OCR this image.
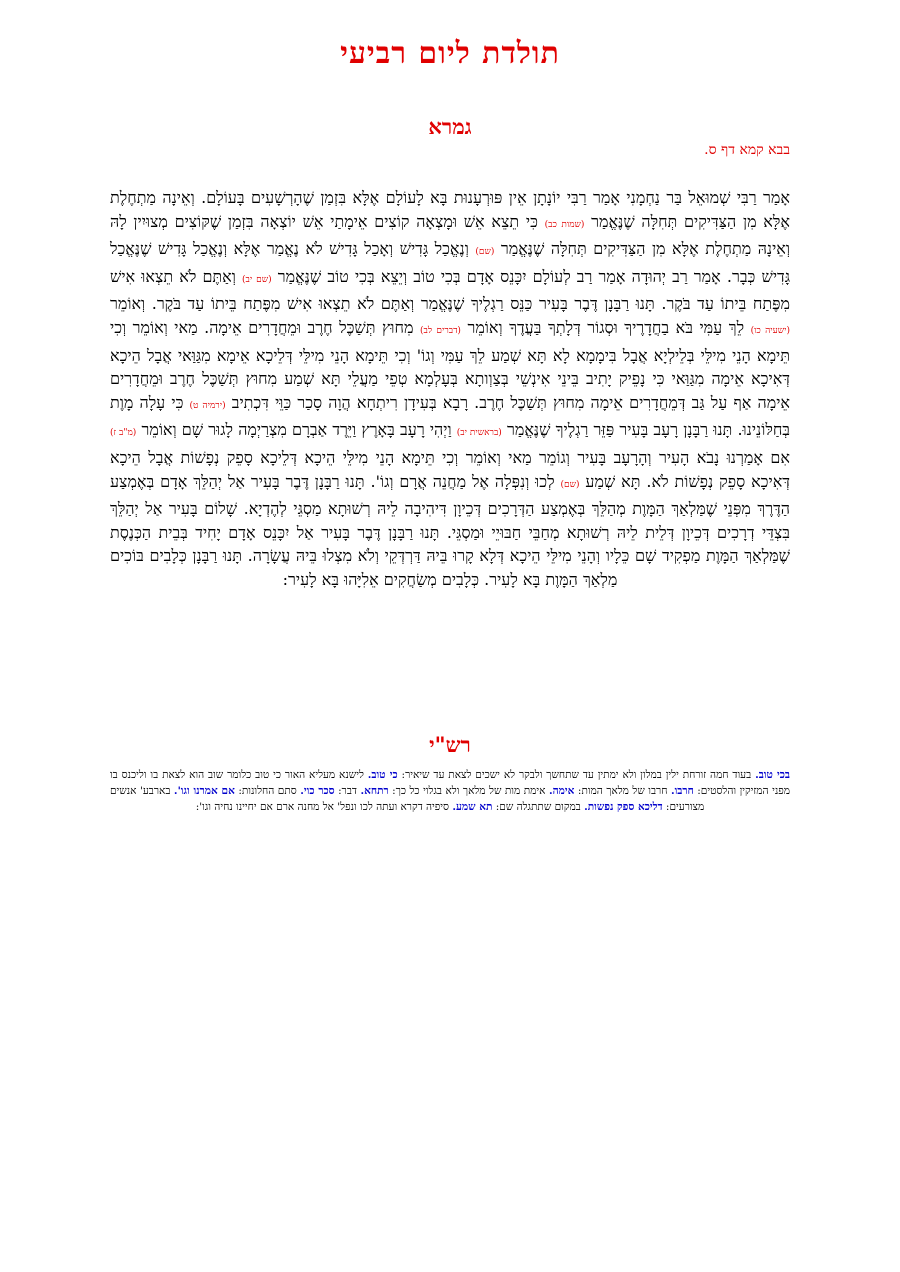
תולדת ליום רביעי
גמרא
בבא קמא דף ס.
אָמַר רַבִּי שְׁמוּאֵל בַּר נַחְמָנִי אָמַר רַבִּי יוֹנָתָן אֵין פּוּרְעָנוּת בָּא לָעוֹלָם אֶלָּא בִּזְמַן שֶׁהָרְשָׁעִים בָּעוֹלָם. וְאֵינָה מַתְחֶלֶת אֶלָּא מִן הַצַּדִּיקִים תְּחִלָּה שֶׁנֶּאֱמַר (שמות כב) כִּי תֵצֵא אֵשׁ וּמָצְאָה קוֹצִים אֵימָתַי אֵשׁ יוֹצְאָה בִּזְמַן שֶׁקּוֹצִים מְצוּיִין לָהּ וְאֵינָהּ מַתְחֶלֶת אֶלָּא מִן הַצַּדִּיקִים תְּחִלָּה שֶׁנֶּאֱמַר (שם) וְנֶאֱכַל גָּדִישׁ וְאָכַל גָּדִישׁ לֹא נֶאֱמַר אֶלָּא וְנֶאֱכַל גָּדִישׁ שֶׁנֶּאֱכַל גָּדִישׁ כְּבָר. אָמַר רַב יְהוּדָה אָמַר רַב לְעוֹלָם יִכָּנֵס אָדָם בְּכִי טוֹב וְיֵצֵא בְּכִי טוֹב שֶׁנֶּאֱמַר (שם יב) וְאַתֶּם לֹא תֵצְאוּ אִישׁ מִפֶּתַח בֵּיתוֹ עַד בֹּקֶר. תָּנוּ רַבָּנָן דֶּבֶר בָּעִיר כַּנֵּס רַגְלֶיךָ שֶׁנֶּאֱמַר וְאַתֶּם לֹא תֵצְאוּ אִישׁ מִפֶּתַח בֵּיתוֹ עַד בֹּקֶר. וְאוֹמֵר (ישעיה כו) לֵךְ עַמִּי בֹּא בַחֲדָרֶיךָ וּסְגוֹר דְּלָתְךָ בַּעֲדֶךָ וְאוֹמֵר (דברים לב) מִחוּץ תְּשַׁכֶּל חֶרֶב וּמֵחֲדָרִים אֵימָה. מַאי וְאוֹמֵר וְכִי תֵּימָא הָנֵי מִילֵּי בְּלֵילְיָא אֲבָל בִּימָמָא לָא תָּא שְׁמַע לֵךְ עַמִּי וְגוֹ' וְכִי תֵּימָא הָנֵי מִילֵּי דְּלֵיכָא אֵימָא מִגַּוַּאי אֲבָל הֵיכָא דְּאִיכָא אֵימָה מִגַּוַּאי כִּי נָפֵיק יָתִיב בֵּינֵי אִינְשֵׁי בְּצַוְותָא בְּעָלְמָא טְפֵי מַעֲלֵי תָּא שְׁמַע מִחוּץ תְּשַׁכֶּל חֶרֶב וּמֵחֲדָרִים אֵימָה אַף עַל גַּב דְּמֵחֲדָרִים אֵימָה מִחוּץ תְּשַׁכֶּל חֶרֶב. רָבָא בְּעִידָן רִיתְחָא הֲוָה סָכַר כַּוֵּי דִּכְתִיב (ירמיה ט) כִּי עָלָה מָוֶת בְּחַלּוֹנֵינוּ. תָּנוּ רַבָּנָן רָעָב בָּעִיר פַּזֵּר רַגְלֶיךָ שֶׁנֶּאֱמַר (בראשית יב) וַיְהִי רָעָב בָּאָרֶץ וַיֵּרֶד אַבְרָם מִצְרַיְמָה לָגוּר שָׁם וְאוֹמֵר (מ"ב ז) אִם אָמַרְנוּ נָבֹא הָעִיר וְהָרָעָב בָּעִיר וְגוֹמֵר מַאי וְאוֹמֵר וְכִי תֵּימָא הָנֵי מִילֵּי הֵיכָא דְּלֵיכָא סָפֵק נְפָשׁוֹת אֲבָל הֵיכָא דְּאִיכָא סָפֵק נְפָשׁוֹת לֹא. תָּא שְׁמַע (שם) לְכוּ וְנִפְּלָה אֶל מַחֲנֵה אֲרָם וְגוֹ'. תָּנוּ רַבָּנָן דֶּבֶר בָּעִיר אַל יְהַלֵּךְ אָדָם בְּאֶמְצַע הַדֶּרֶךְ מִפְּנֵי שֶׁמַּלְאַךְ הַמָּוֶת מְהַלֵּךְ בְּאֶמְצַע הַדְּרָכִים דְּכֵיוָן דִּיהִיבָה לֵיהּ רְשׁוּתָא מַסְגֵּי לְהֶדְיָא. שָׁלוֹם בָּעִיר אַל יְהַלֵּךְ בִּצְדֵּי דְרָכִים דְּכֵיוָן דְּלֵית לֵיהּ רְשׁוּתָא מְחַבֵּי חַבּוּיֵי וּמַסְגֵּי. תָּנוּ רַבָּנָן דֶּבֶר בָּעִיר אַל יִכָּנֵס אָדָם יָחִיד בְּבֵית הַכְּנֶסֶת שֶׁמַּלְאַךְ הַמָּוֶת מַפְקִיד שָׁם כֵּלָיו וְהָנֵי מִילֵּי הֵיכָא דְּלָא קָרוּ בֵּיהּ דַּרְדְּקֵי וְלֹא מִצְלוּ בֵּיהּ עֲשָׂרָה. תָּנוּ רַבָּנָן כְּלָבִים בּוֹכִים מַלְאַךְ הַמָּוֶת בָּא לָעִיר. כְּלָבִים מְשַׂחֲקִים אֵלִיָּהוּ בָּא לָעִיר:
רש"י
בכי טוב. בעוד חמה זורחת ילין במלון ולא ימתין עד שתחשך ולבקר לא ישכים לצאת עד שיאיר: כי טוב. לישנא מעליא האור כי טוב כלומר שוב הוא לצאת בו וליכנס בו מפני המזיקין והלסטים: חרבו. חרבו של מלאך המות: אימה. אימת מות של מלאך ולא בגלוי כל כך: רתחא. דבר: סכר כוי. סתם החלונות: אם אמרנו וגו'. בארבע' אנשים מצורעים: דליכא ספק נפשות. במקום שתתגלה שם: תא שמע. סיפיה דקרא ועתה לכו ונפל' אל מחנה ארם אם יחיינו נחיה וגו':
